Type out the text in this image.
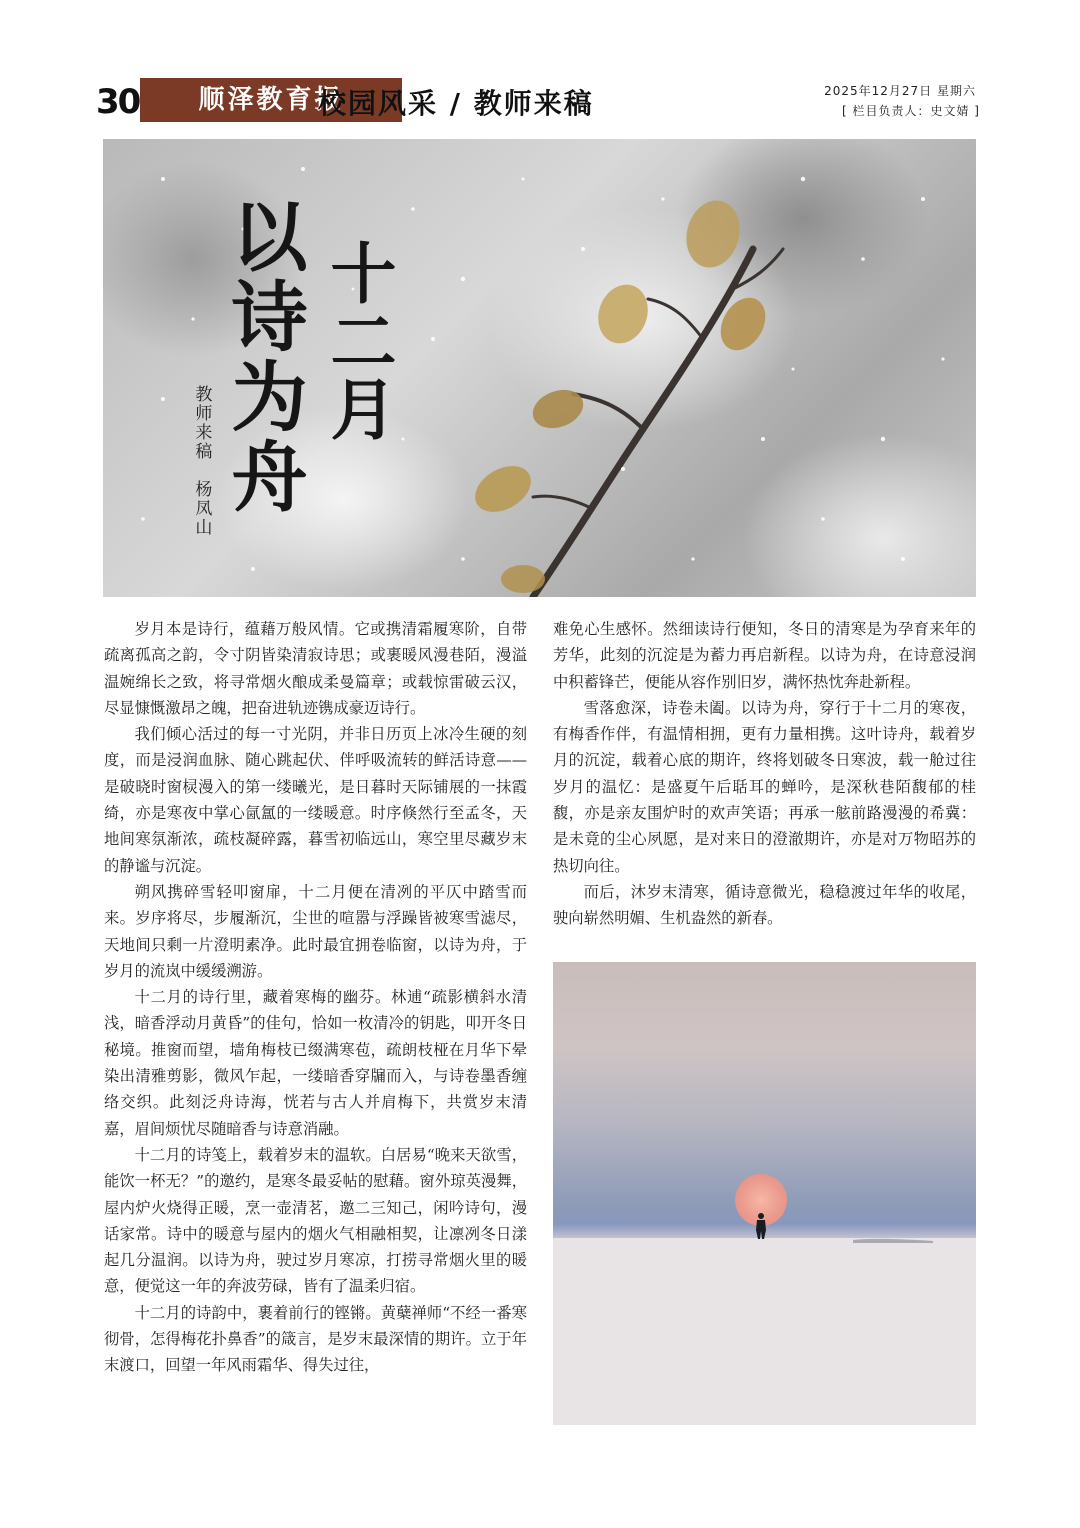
30	顺泽教育报
校园风采 / 教师来稿	2025年12月27日 星期六
[ 栏目负责人：史文婧 ]
以诗为舟 十二月
教师来稿　杨凤山

岁月本是诗行，蕴藉万般风情。它或携清霜履寒阶，自带疏离孤高之韵，令寸阴皆染清寂诗思；或裹暖风漫巷陌，漫溢温婉绵长之致，将寻常烟火酿成柔曼篇章；或载惊雷破云汉，尽显慷慨激昂之魄，把奋进轨迹镌成豪迈诗行。

我们倾心活过的每一寸光阴，并非日历页上冰冷生硬的刻度，而是浸润血脉、随心跳起伏、伴呼吸流转的鲜活诗意——是破晓时窗棂漫入的第一缕曦光，是日暮时天际铺展的一抹霞绮，亦是寒夜中掌心氤氲的一缕暖意。时序倏然行至孟冬，天地间寒氛渐浓，疏枝凝碎露，暮雪初临远山，寒空里尽藏岁末的静谧与沉淀。

朔风携碎雪轻叩窗扉，十二月便在清冽的平仄中踏雪而来。岁序将尽，步履渐沉，尘世的喧嚣与浮躁皆被寒雪滤尽，天地间只剩一片澄明素净。此时最宜拥卷临窗，以诗为舟，于岁月的流岚中缓缓溯游。

十二月的诗行里，藏着寒梅的幽芬。林逋“疏影横斜水清浅，暗香浮动月黄昏”的佳句，恰如一枚清冷的钥匙，叩开冬日秘境。推窗而望，墙角梅枝已缀满寒苞，疏朗枝桠在月华下晕染出清雅剪影，微风乍起，一缕暗香穿牖而入，与诗卷墨香缠络交织。此刻泛舟诗海，恍若与古人并肩梅下，共赏岁末清嘉，眉间烦忧尽随暗香与诗意消融。

十二月的诗笺上，载着岁末的温软。白居易“晚来天欲雪，能饮一杯无？”的邀约，是寒冬最妥帖的慰藉。窗外琼英漫舞，屋内炉火烧得正暖，烹一壶清茗，邀二三知己，闲吟诗句，漫话家常。诗中的暖意与屋内的烟火气相融相契，让凛冽冬日漾起几分温润。以诗为舟，驶过岁月寒凉，打捞寻常烟火里的暖意，便觉这一年的奔波劳碌，皆有了温柔归宿。

十二月的诗韵中，裹着前行的铿锵。黄蘖禅师“不经一番寒彻骨，怎得梅花扑鼻香”的箴言，是岁末最深情的期许。立于年末渡口，回望一年风雨霜华、得失过往，

难免心生感怀。然细读诗行便知，冬日的清寒是为孕育来年的芳华，此刻的沉淀是为蓄力再启新程。以诗为舟，在诗意浸润中积蓄锋芒，便能从容作别旧岁，满怀热忱奔赴新程。

雪落愈深，诗卷未阖。以诗为舟，穿行于十二月的寒夜，有梅香作伴，有温情相拥，更有力量相携。这叶诗舟，载着岁月的沉淀，载着心底的期许，终将划破冬日寒波，载一舱过往岁月的温忆：是盛夏午后聒耳的蝉吟，是深秋巷陌馥郁的桂馥，亦是亲友围炉时的欢声笑语；再承一舷前路漫漫的希冀：是未竟的尘心夙愿，是对来日的澄澈期许，亦是对万物昭苏的热切向往。

而后，沐岁末清寒，循诗意微光，稳稳渡过年华的收尾，驶向崭然明媚、生机盎然的新春。
